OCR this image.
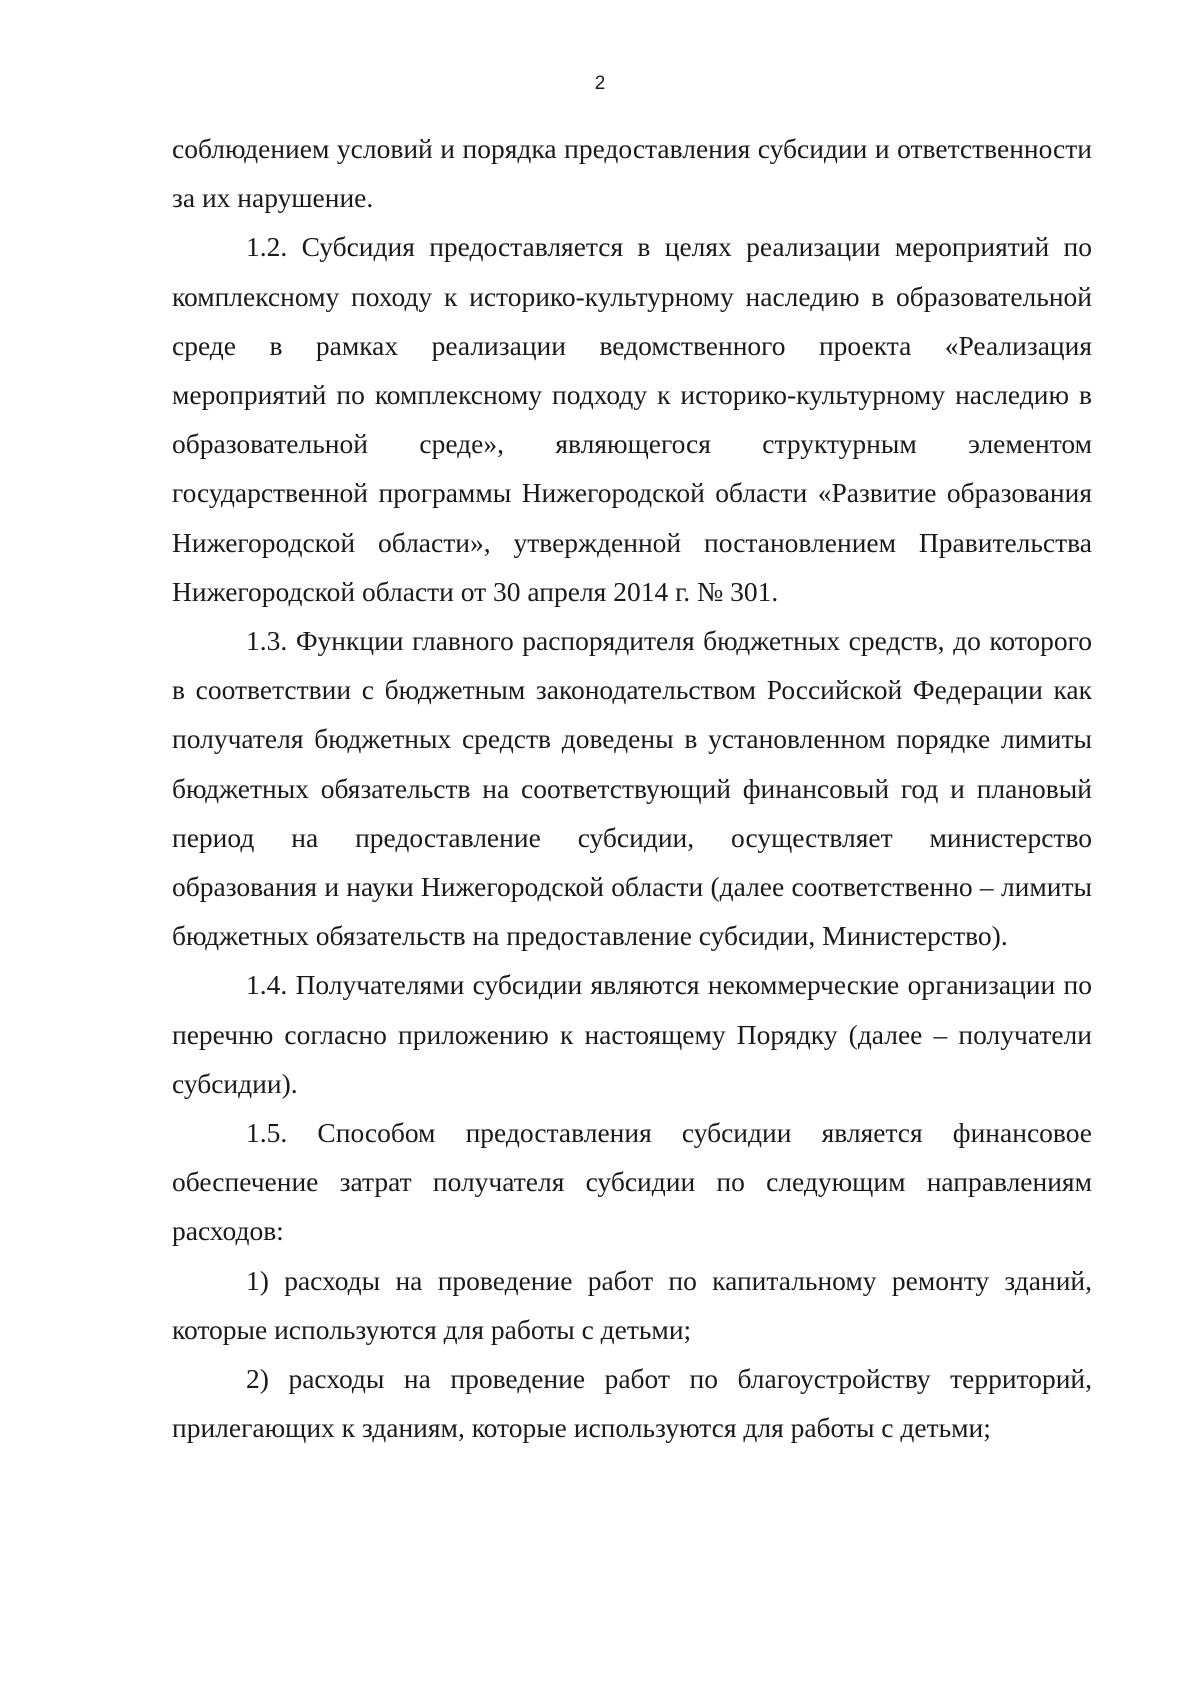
2

соблюдением условий и порядка предоставления субсидии и ответственности за их нарушение.

1.2. Субсидия предоставляется в целях реализации мероприятий по комплексному походу к историко-культурному наследию в образовательной среде в рамках реализации ведомственного проекта «Реализация мероприятий по комплексному подходу к историко-культурному наследию в образовательной среде», являющегося структурным элементом государственной программы Нижегородской области «Развитие образования Нижегородской области», утвержденной постановлением Правительства Нижегородской области от 30 апреля 2014 г. № 301.

1.3. Функции главного распорядителя бюджетных средств, до которого в соответствии с бюджетным законодательством Российской Федерации как получателя бюджетных средств доведены в установленном порядке лимиты бюджетных обязательств на соответствующий финансовый год и плановый период на предоставление субсидии, осуществляет министерство образования и науки Нижегородской области (далее соответственно – лимиты бюджетных обязательств на предоставление субсидии, Министерство).

1.4. Получателями субсидии являются некоммерческие организации по перечню согласно приложению к настоящему Порядку (далее – получатели субсидии).

1.5. Способом предоставления субсидии является финансовое обеспечение затрат получателя субсидии по следующим направлениям расходов:

1) расходы на проведение работ по капитальному ремонту зданий, которые используются для работы с детьми;

2) расходы на проведение работ по благоустройству территорий, прилегающих к зданиям, которые используются для работы с детьми;
